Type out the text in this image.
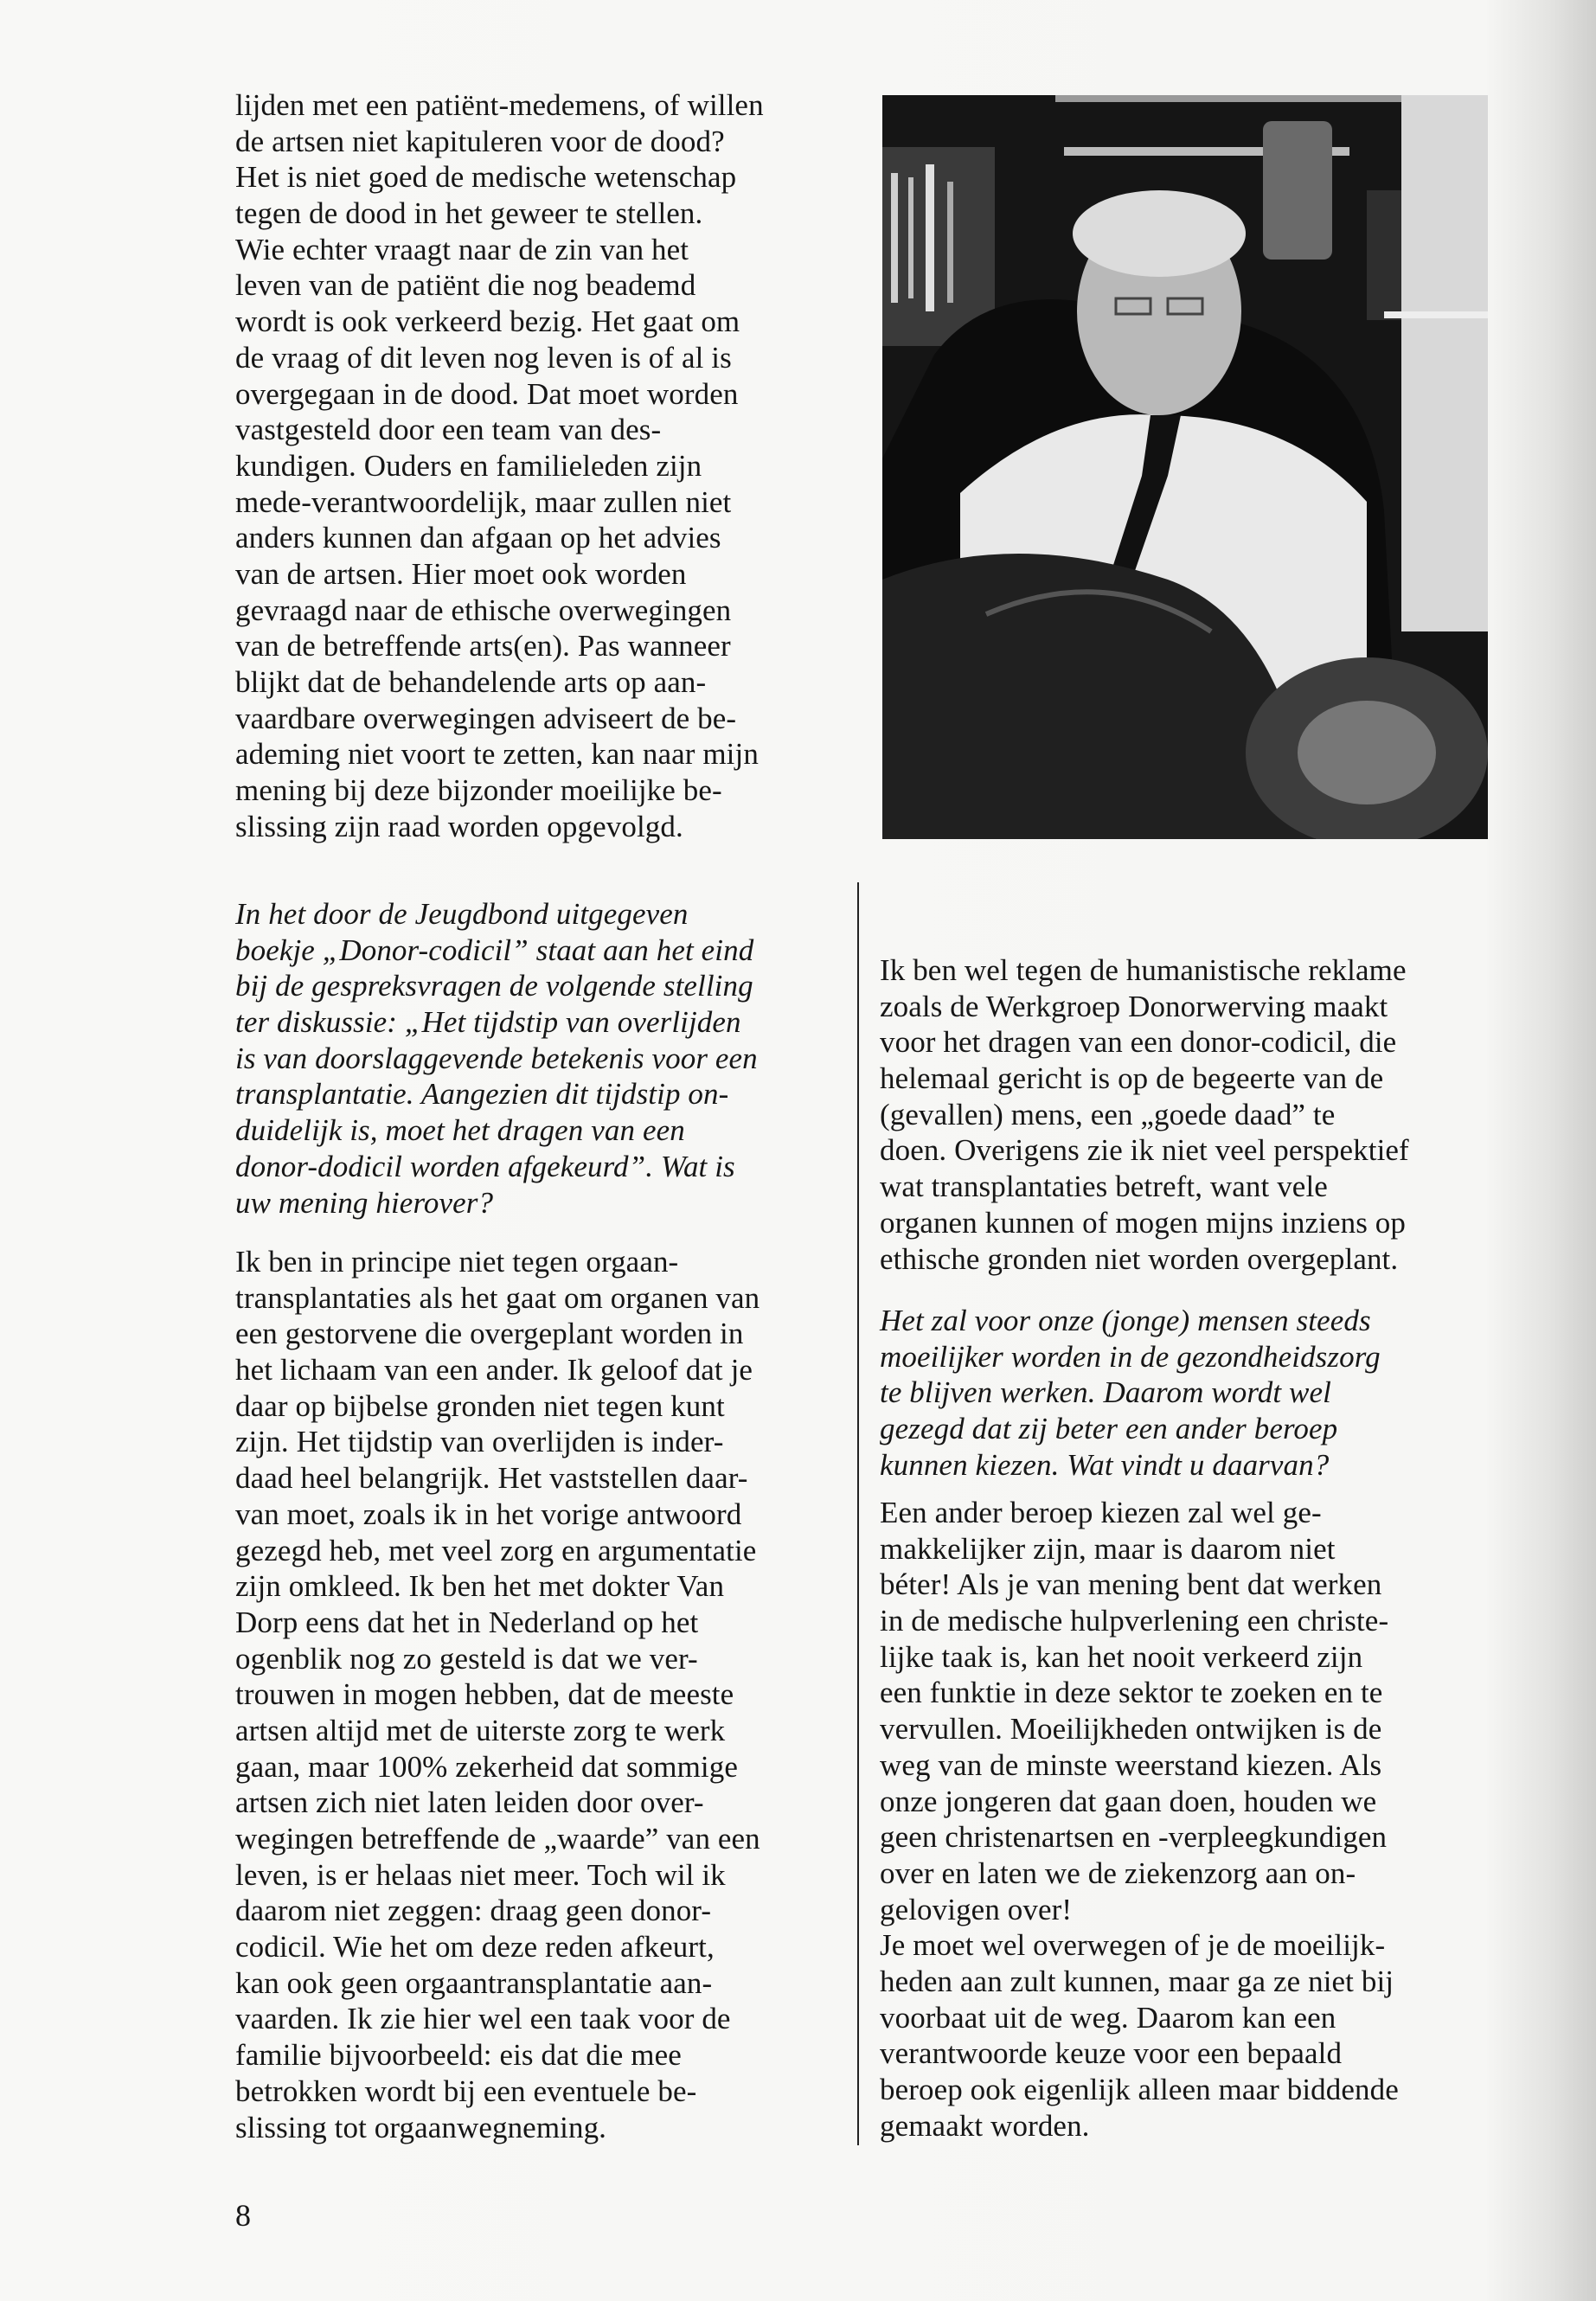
lijden met een patiënt-medemens, of willen
de artsen niet kapituleren voor de dood?
Het is niet goed de medische wetenschap
tegen de dood in het geweer te stellen.
Wie echter vraagt naar de zin van het
leven van de patiënt die nog beademd
wordt is ook verkeerd bezig. Het gaat om
de vraag of dit leven nog leven is of al is
overgegaan in de dood. Dat moet worden
vastgesteld door een team van des-
kundigen. Ouders en familieleden zijn
mede-verantwoordelijk, maar zullen niet
anders kunnen dan afgaan op het advies
van de artsen. Hier moet ook worden
gevraagd naar de ethische overwegingen
van de betreffende arts(en). Pas wanneer
blijkt dat de behandelende arts op aan-
vaardbare overwegingen adviseert de be-
ademing niet voort te zetten, kan naar mijn
mening bij deze bijzonder moeilijke be-
slissing zijn raad worden opgevolgd.
In het door de Jeugdbond uitgegeven
boekje „Donor-codicil” staat aan het eind
bij de gespreksvragen de volgende stelling
ter diskussie: „Het tijdstip van overlijden
is van doorslaggevende betekenis voor een
transplantatie. Aangezien dit tijdstip on-
duidelijk is, moet het dragen van een
donor-dodicil worden afgekeurd”. Wat is
uw mening hierover?
Ik ben in principe niet tegen orgaan-
transplantaties als het gaat om organen van
een gestorvene die overgeplant worden in
het lichaam van een ander. Ik geloof dat je
daar op bijbelse gronden niet tegen kunt
zijn. Het tijdstip van overlijden is inder-
daad heel belangrijk. Het vaststellen daar-
van moet, zoals ik in het vorige antwoord
gezegd heb, met veel zorg en argumentatie
zijn omkleed. Ik ben het met dokter Van
Dorp eens dat het in Nederland op het
ogenblik nog zo gesteld is dat we ver-
trouwen in mogen hebben, dat de meeste
artsen altijd met de uiterste zorg te werk
gaan, maar 100% zekerheid dat sommige
artsen zich niet laten leiden door over-
wegingen betreffende de „waarde” van een
leven, is er helaas niet meer. Toch wil ik
daarom niet zeggen: draag geen donor-
codicil. Wie het om deze reden afkeurt,
kan ook geen orgaantransplantatie aan-
vaarden. Ik zie hier wel een taak voor de
familie bijvoorbeeld: eis dat die mee
betrokken wordt bij een eventuele be-
slissing tot orgaanwegneming.
Ik ben wel tegen de humanistische reklame
zoals de Werkgroep Donorwerving maakt
voor het dragen van een donor-codicil, die
helemaal gericht is op de begeerte van de
(gevallen) mens, een „goede daad” te
doen. Overigens zie ik niet veel perspektief
wat transplantaties betreft, want vele
organen kunnen of mogen mijns inziens op
ethische gronden niet worden overgeplant.
Het zal voor onze (jonge) mensen steeds
moeilijker worden in de gezondheidszorg
te blijven werken. Daarom wordt wel
gezegd dat zij beter een ander beroep
kunnen kiezen. Wat vindt u daarvan?
Een ander beroep kiezen zal wel ge-
makkelijker zijn, maar is daarom niet
béter! Als je van mening bent dat werken
in de medische hulpverlening een christe-
lijke taak is, kan het nooit verkeerd zijn
een funktie in deze sektor te zoeken en te
vervullen. Moeilijkheden ontwijken is de
weg van de minste weerstand kiezen. Als
onze jongeren dat gaan doen, houden we
geen christenartsen en -verpleegkundigen
over en laten we de ziekenzorg aan on-
gelovigen over!
Je moet wel overwegen of je de moeilijk-
heden aan zult kunnen, maar ga ze niet bij
voorbaat uit de weg. Daarom kan een
verantwoorde keuze voor een bepaald
beroep ook eigenlijk alleen maar biddende
gemaakt worden.
8
